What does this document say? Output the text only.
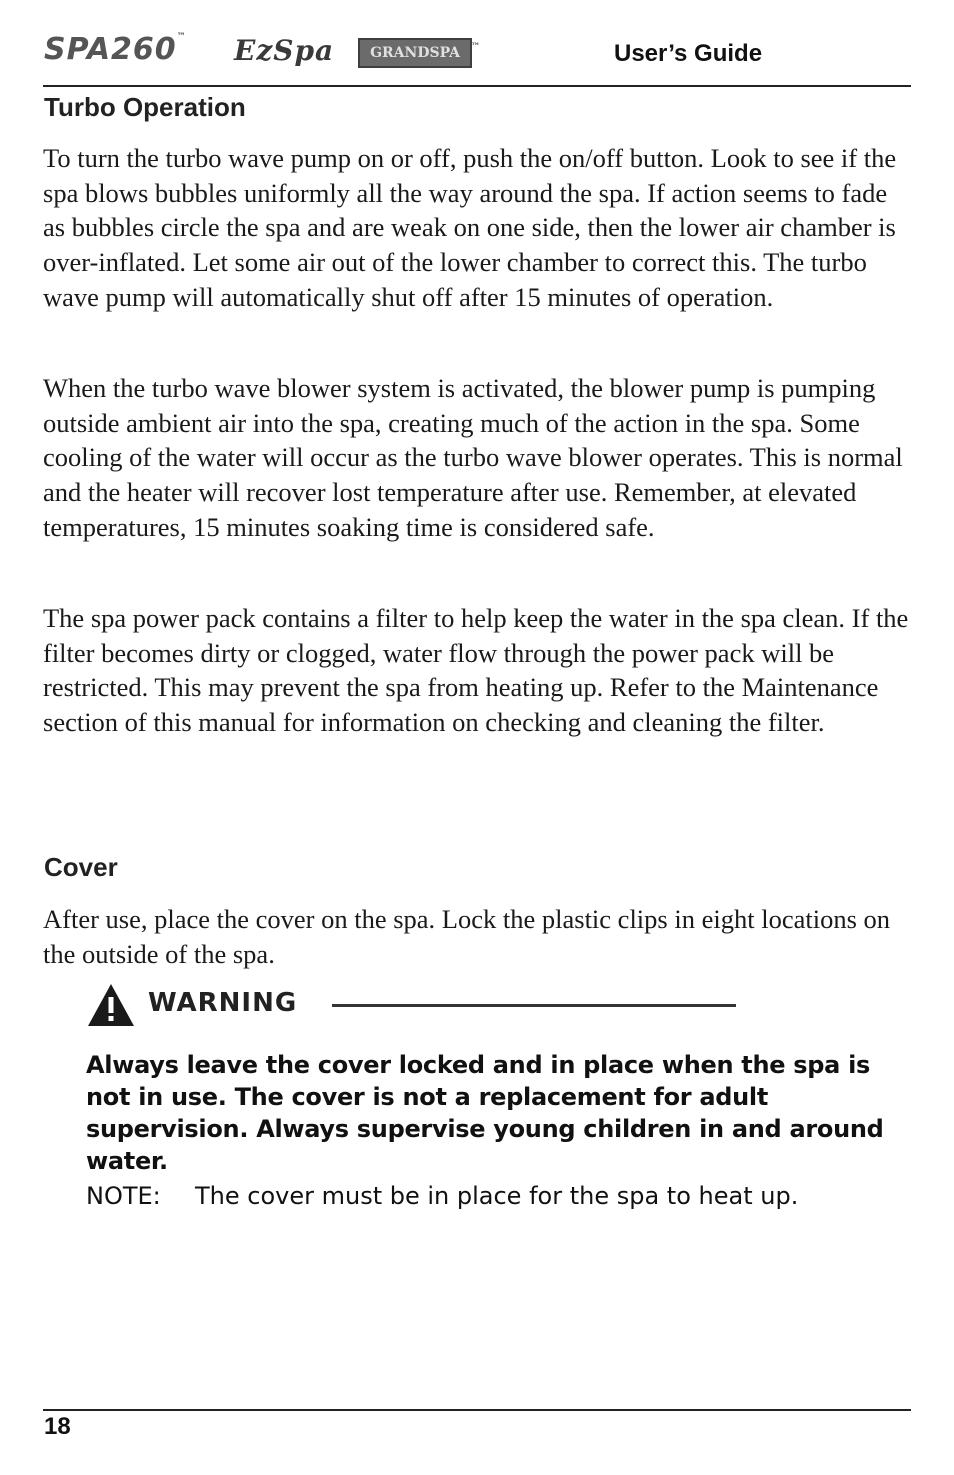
SPA260™ EzSpa	GRANDSPA ™	User’s Guide
Turbo Operation

To turn the turbo wave pump on or off, push the on/off button. Look to see if the spa blows bubbles uniformly all the way around the spa. If action seems to fade as bubbles circle the spa and are weak on one side, then the lower air chamber is over-inflated. Let some air out of the lower chamber to correct this. The turbo wave pump will automatically shut off after 15 minutes of operation.

When the turbo wave blower system is activated, the blower pump is pumping outside ambient air into the spa, creating much of the action in the spa. Some cooling of the water will occur as the turbo wave blower operates. This is normal and the heater will recover lost temperature after use. Remember, at elevated temperatures, 15 minutes soaking time is considered safe.

The spa power pack contains a filter to help keep the water in the spa clean. If the filter becomes dirty or clogged, water flow through the power pack will be restricted. This may prevent the spa from heating up. Refer to the Maintenance section of this manual for information on checking and cleaning the filter.

Cover

After use, place the cover on the spa. Lock the plastic clips in eight locations on the outside of the spa.

WARNING

Always leave the cover locked and in place when the spa is not in use. The cover is not a replacement for adult supervision. Always supervise young children in and around water.

NOTE: The cover must be in place for the spa to heat up.
18
